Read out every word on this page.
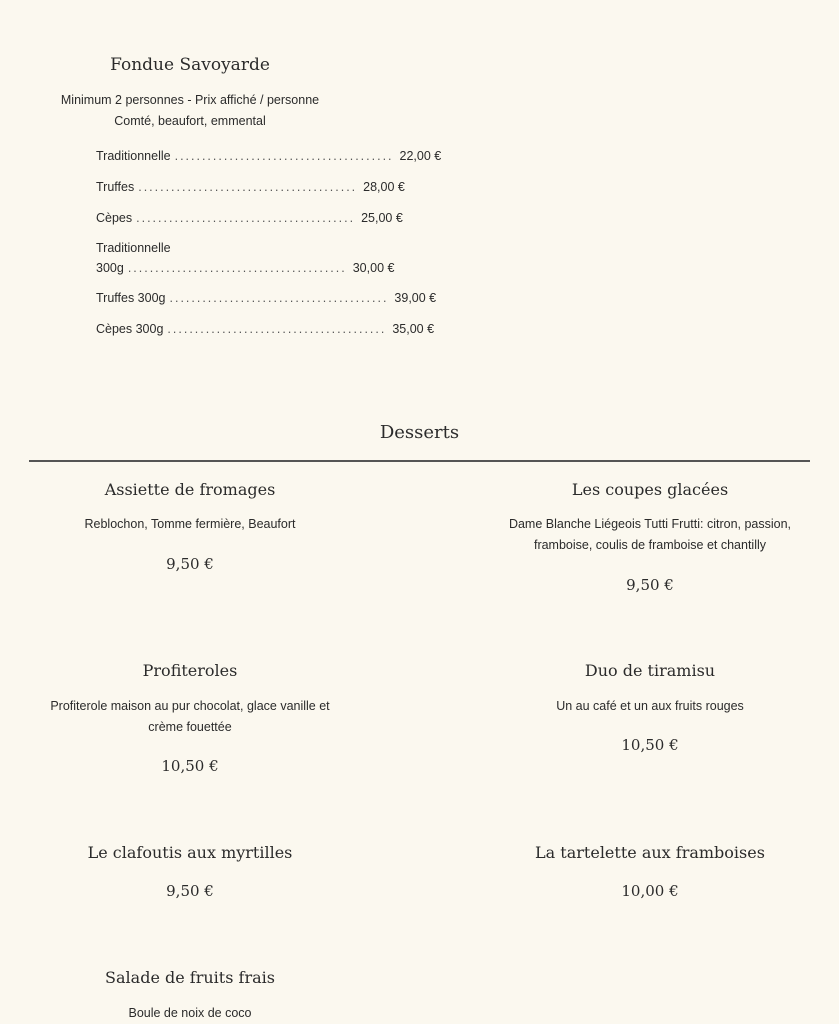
Fondue Savoyarde
Minimum 2 personnes - Prix affiché / personne
Comté, beaufort, emmental
Traditionnelle ........................................ 22,00 €
Truffes ........................................ 28,00 €
Cèpes ........................................ 25,00 €
Traditionnelle
300g ........................................ 30,00 €
Truffes 300g ........................................ 39,00 €
Cèpes 300g ........................................ 35,00 €
Desserts
Assiette de fromages
Reblochon, Tomme fermière, Beaufort
9,50 €
Les coupes glacées
Dame Blanche Liégeois Tutti Frutti: citron, passion,
framboise, coulis de framboise et chantilly
9,50 €
Profiteroles
Profiterole maison au pur chocolat, glace vanille et
crème fouettée
10,50 €
Duo de tiramisu
Un au café et un aux fruits rouges
10,50 €
Le clafoutis aux myrtilles
9,50 €
La tartelette aux framboises
10,00 €
Salade de fruits frais
Boule de noix de coco
